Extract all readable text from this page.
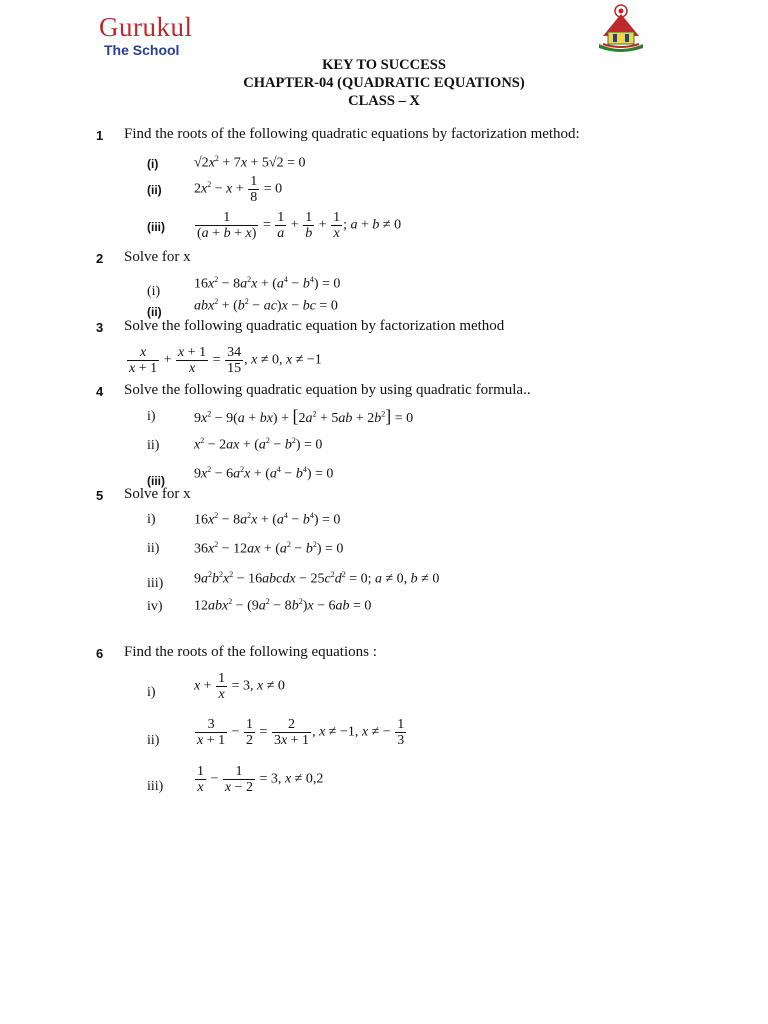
Gurukul
The School
KEY TO SUCCESS
CHAPTER-04 (QUADRATIC EQUATIONS)
CLASS – X
1 Find the roots of the following quadratic equations by factorization method:
(i)	$√2x^2 + 7x + 5√2 = 0$
(ii) $2x^2 - x + \frac{1}{8} = 0$
$(iii) \frac{1}{(a + b + x)} = \frac{1}{a} + \frac{1}{b} + \frac{1}{x}$ ; a + b ≠ 0
2 Solve for x
(i) $16x^2 - 8a^2x + (a^4 - b^4) = 0$
(ii) $abx^2 + (b^2 - ac)x$ − bc = 0
3 Solve the following quadratic equation by factorization method
$\frac{x}{x + 1} + \frac{x + 1}{x} = \frac{34}{15}$ , x ≠ 0, x ≠ −1
4 Solve the following quadratic equation by using quadratic formula..
i)	$9x^2 - 9(a + bx) + [2a^2 + 5ab + 2b^2] = 0$
ii) $x^2 - 2ax + (a^2 - b^2) = 0$
(iii) $9x^2 - 6a^2x + (a^4 - b^4) = 0$
5 Solve for x
i)	$16x^2 - 8a^2x + (a^4 - b^4) = 0$
ii) $36x^2 - 12ax + (a^2 - b^2) = 0$
iii) $9a^2b^2x^2$ − 16abcdx − $25c^2d^2 = 0$; a ≠ 0, b ≠ 0
iv) $12abx^2 - (9a^2 - 8b^2)x - 6ab = 0$
6 Find the roots of the following equations :
i)	$x + \frac{1}{x} = 3$, x ≠ 0
ii)	$\frac{3}{x + 1} - \frac{1}{2} = \frac{2}{3x + 1}$ , x ≠ −1, x ≠ − $\frac{1}{3}$
$iii) \frac{1}{x} - \frac{1}{x - 2} = 3$, x ≠ 0,2
